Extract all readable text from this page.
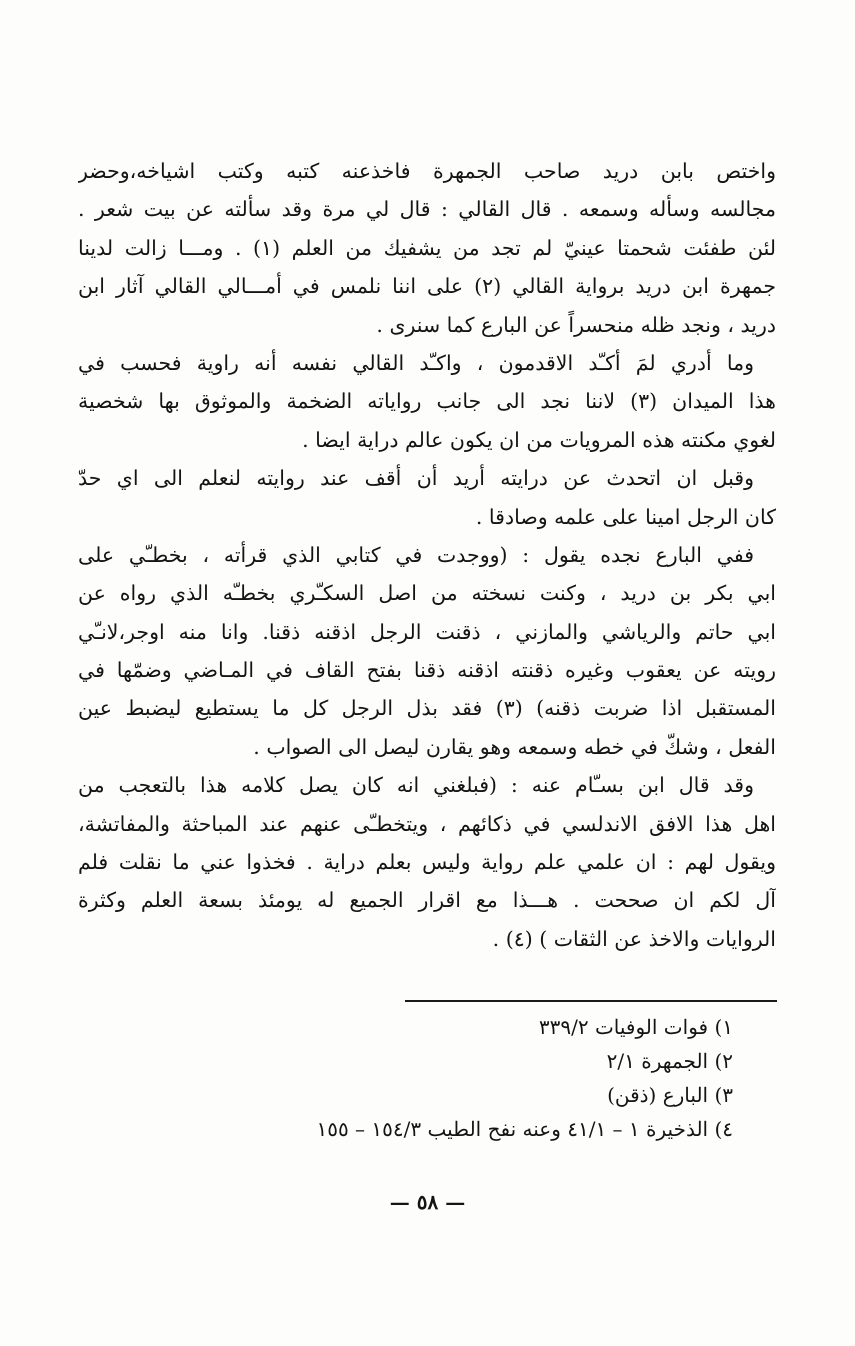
واختص بابن دريد صاحب الجمهرة فاخذعنه كتبه وكتب اشياخه،وحضر
مجالسه وسأله وسمعه . قال القالي : قال لي مرة وقد سألته عن بيت شعر .
لئن طفئت شحمتا عينيّ لم تجد من يشفيك من العلم (١) . ومـــا زالت لدينا
جمهرة ابن دريد برواية القالي (٢) على اننا نلمس في أمـــالي القالي آثار ابن
دريد ، ونجد ظله منحسراً عن البارع كما سنرى .
وما أدري لمَ أكـّد الاقدمون ، واكـّد القالي نفسه أنه راوية فحسب في
هذا الميدان (٣) لاننا نجد الى جانب رواياته الضخمة والموثوق بها شخصية
لغوي مكنته هذه المرويات من ان يكون عالم دراية ايضا .
وقبل ان اتحدث عن درايته أريد أن أقف عند روايته لنعلم الى اي حدّ
كان الرجل امينا على علمه وصادقا .
ففي البارع نجده يقول : (ووجدت في كتابي الذي قرأته ، بخطـّي على
ابي بكر بن دريد ، وكنت نسخته من اصل السكـّري بخطـّه الذي رواه عن
ابي حاتم والرياشي والمازني ، ذقنت الرجل اذقنه ذقنا. وانا منه اوجر،لانـّي
رويته عن يعقوب وغيره ذقنته اذقنه ذقنا بفتح القاف في المـاضي وضمّها في
المستقبل اذا ضربت ذقنه) (٣) فقد بذل الرجل كل ما يستطيع ليضبط عين
الفعل ، وشكّ في خطه وسمعه وهو يقارن ليصل الى الصواب .
وقد قال ابن بسـّام عنه : (فبلغني انه كان يصل كلامه هذا بالتعجب من
اهل هذا الافق الاندلسي في ذكائهم ، ويتخطـّى عنهم عند المباحثة والمفاتشة،
ويقول لهم : ان علمي علم رواية وليس بعلم دراية . فخذوا عني ما نقلت فلم
آل لكم ان صححت . هـــذا مع اقرار الجميع له يومئذ بسعة العلم وكثرة
الروايات والاخذ عن الثقات ) (٤) .
١) فوات الوفيات ٣٣٩/٢
٢) الجمهرة ٢/١
٣) البارع (ذقن)
٤) الذخيرة ١ – ٤١/١ وعنه نفح الطيب ١٥٤/٣ – ١٥٥
— ٥٨ —
